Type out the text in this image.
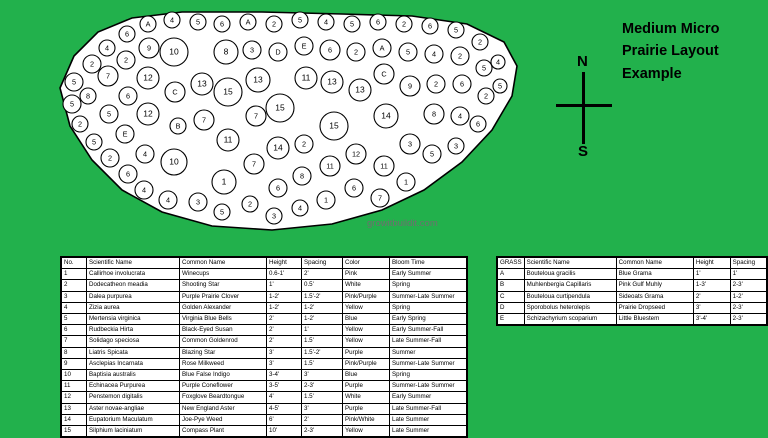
5
5
2
2
8
5
4
7
5
2
6
2
6
E
6
A
9
12
12
4
4
4
10
C
B
10
4
5
13
7
3
6
8
15
11
1
5
A
3
13
7
7
2
2
D
15
14
6
3
5
E
11
2
8
4
4
6
13
15
11
1
5
2
13
12
6
6
A
C
14
11
7
2
5
9
3
1
6
4
2
8
5
5
2
6
4
3
2
5
2
6
4
5
growitbuildit.com
Medium Micro
Prairie Layout
Example
N
S
No.	Scientific Name	Common Name	Height	Spacing	Color	Bloom Time
1	Callirhoe involucrata	Winecups	0.6-1'	2'	Pink	Early Summer
2	Dodecatheon meadia	Shooting Star	1'	0.5'	White	Spring
3	Dalea purpurea	Purple Prairie Clover	1-2'	1.5'-2'	Pink/Purple	Summer-Late Summer
4	Zizia aurea	Golden Alexander	1-2'	1-2'	Yellow	Spring
5	Mertensia virginica	Virginia Blue Bells	2'	1-2'	Blue	Early Spring
6	Rudbeckia Hirta	Black-Eyed Susan	2'	1'	Yellow	Early Summer-Fall
7	Solidago speciosa	Common Goldenrod	2'	1.5'	Yellow	Late Summer-Fall
8	Liatris Spicata	Blazing Star	3'	1.5'-2'	Purple	Summer
9	Asclepias Incarnata	Rose Milkweed	3'	1.5'	Pink/Purple	Summer-Late Summer
10	Baptisia australis	Blue False Indigo	3-4'	3'	Blue	Spring
11	Echinacea Purpurea	Purple Coneflower	3-5'	2-3'	Purple	Summer-Late Summer
12	Penstemon digitalis	Foxglove Beardtongue	4'	1.5'	White	Early Summer
13	Aster novae-angliae	New England Aster	4-5'	3'	Purple	Late Summer-Fall
14	Eupatorium Maculatum	Joe-Pye Weed	6'	2'	Pink/White	Late Summer
15	Silphium laciniatum	Compass Plant	10'	2-3'	Yellow	Late Summer
GRASS	Scientific Name	Common Name	Height	Spacing
A	Bouteloua gracilis	Blue Grama	1'	1'
B	Muhlenbergia Capillaris	Pink Gulf Muhly	1-3'	2-3'
C	Bouteloua curtipendula	Sideoats Grama	2'	1-2'
D	Sporobolus heterolepis	Prairie Dropseed	3'	2-3'
E	Schizachyrium scoparium	Little Bluestem	3'-4'	2-3'
